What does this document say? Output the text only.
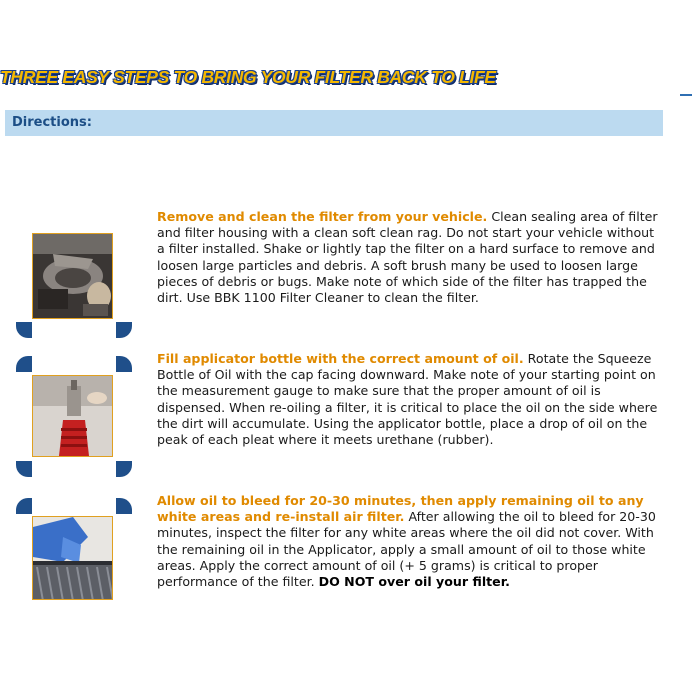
THREE EASY STEPS TO BRING YOUR FILTER BACK TO LIFE
Directions:
Remove and clean the filter from your vehicle. Clean sealing area of filter and filter housing with a clean soft clean rag. Do not start your vehicle without a filter installed. Shake or lightly tap the filter on a hard surface to remove and loosen large particles and debris. A soft brush many be used to loosen large pieces of debris or bugs. Make note of which side of the filter has trapped the dirt. Use BBK 1100 Filter Cleaner to clean the filter.
Fill applicator bottle with the correct amount of oil. Rotate the Squeeze Bottle of Oil with the cap facing downward. Make note of your starting point on the measurement gauge to make sure that the proper amount of oil is dispensed. When re-oiling a filter, it is critical to place the oil on the side where the dirt will accumulate. Using the applicator bottle, place a drop of oil on the peak of each pleat where it meets urethane (rubber).
Allow oil to bleed for 20-30 minutes, then apply remaining oil to any white areas and re-install air filter. After allowing the oil to bleed for 20-30 minutes, inspect the filter for any white areas where the oil did not cover. With the remaining oil in the Applicator, apply a small amount of oil to those white areas. Apply the correct amount of oil (+ 5 grams) is critical to proper performance of the filter. DO NOT over oil your filter.
